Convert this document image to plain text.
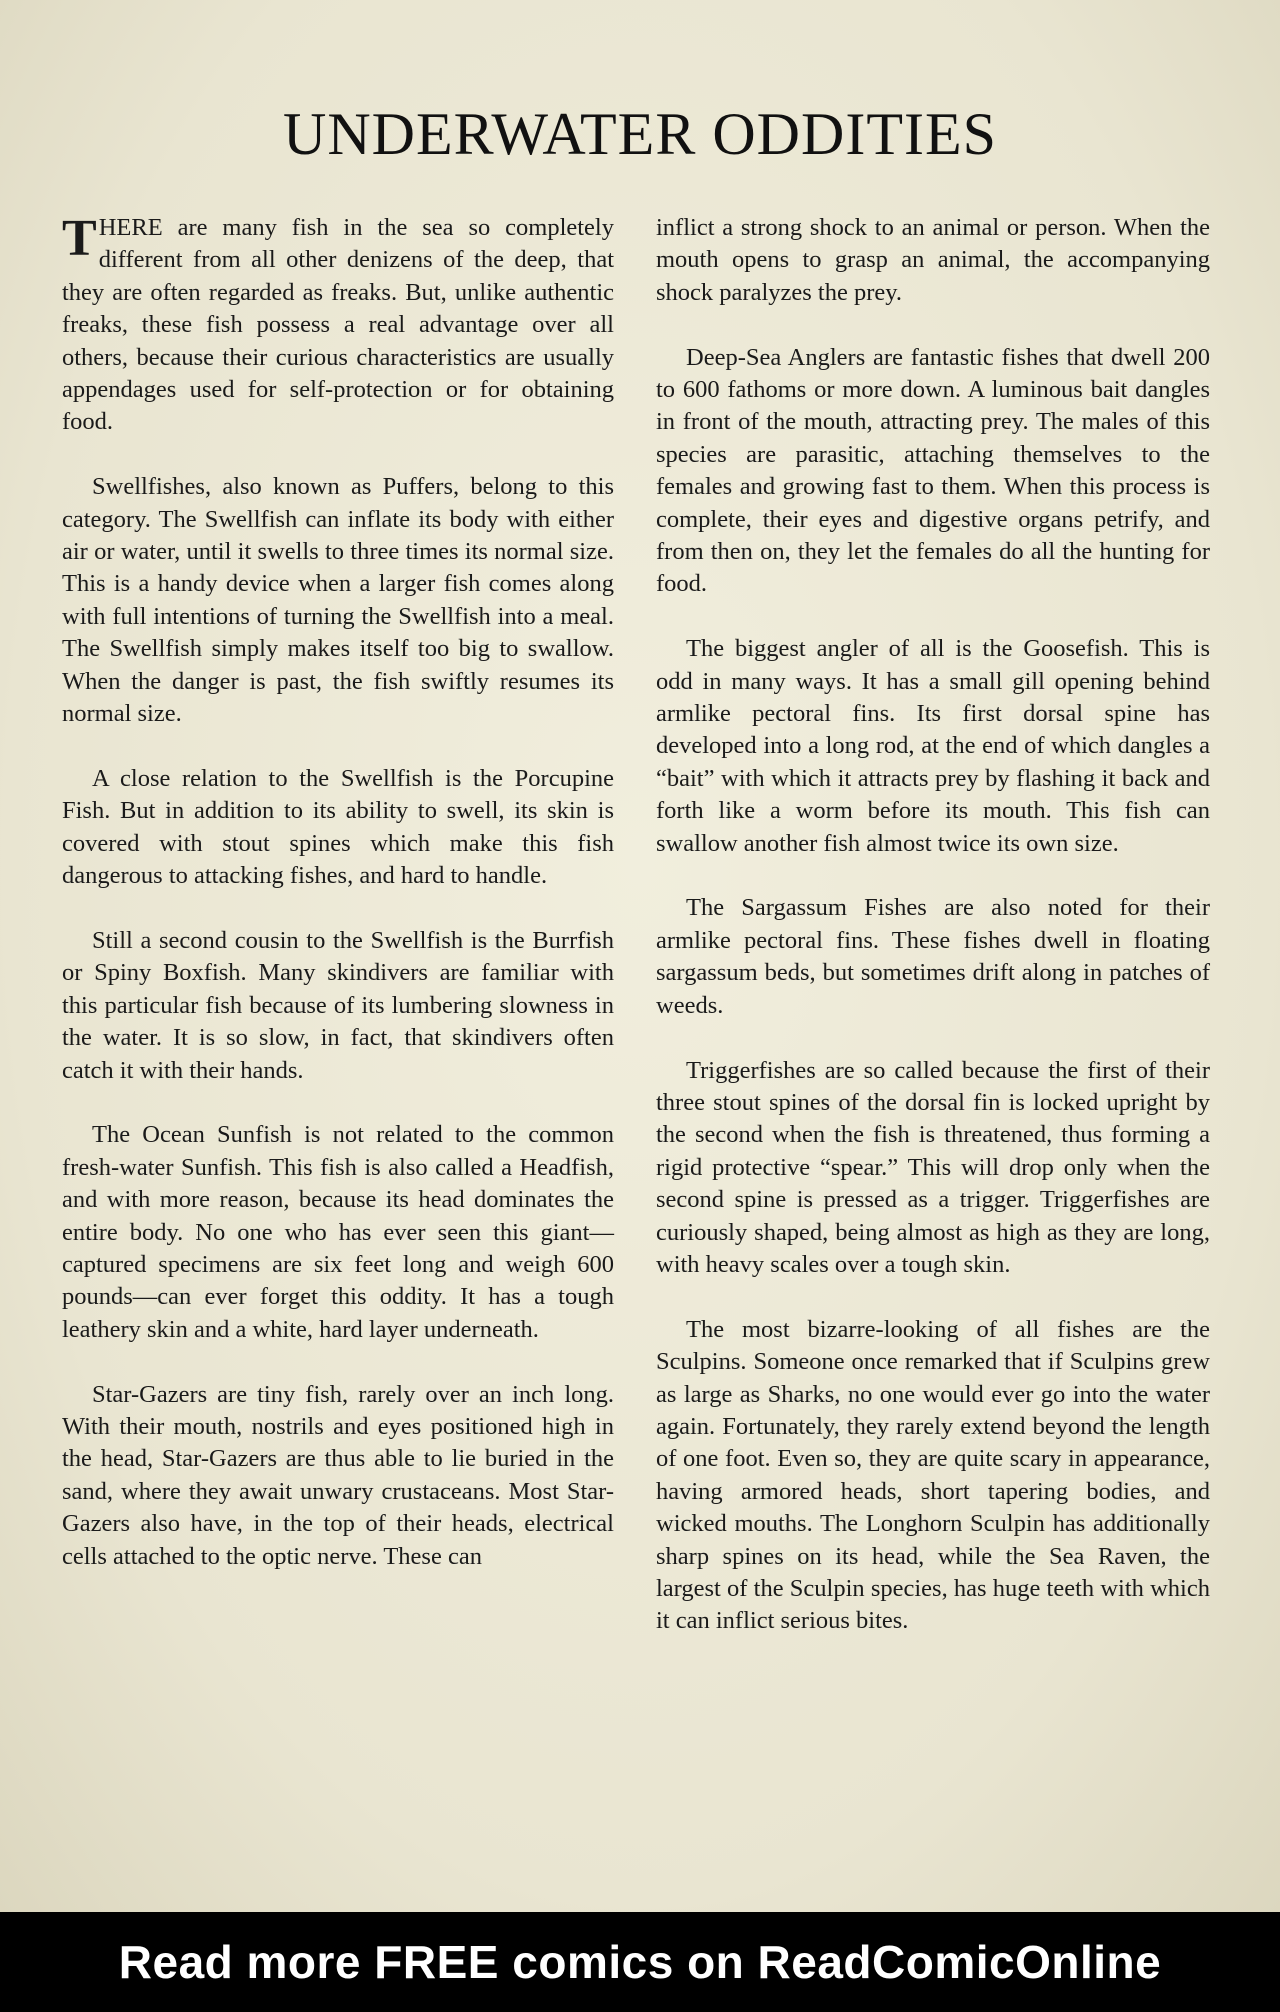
UNDERWATER ODDITIES

THERE are many fish in the sea so completely different from all other denizens of the deep, that they are often regarded as freaks. But, unlike authentic freaks, these fish possess a real advantage over all others, because their curious characteristics are usually appendages used for self-protection or for obtaining food.

Swellfishes, also known as Puffers, belong to this category. The Swellfish can inflate its body with either air or water, until it swells to three times its normal size. This is a handy device when a larger fish comes along with full intentions of turning the Swellfish into a meal. The Swellfish simply makes itself too big to swallow. When the danger is past, the fish swiftly resumes its normal size.

A close relation to the Swellfish is the Porcupine Fish. But in addition to its ability to swell, its skin is covered with stout spines which make this fish dangerous to attacking fishes, and hard to handle.

Still a second cousin to the Swellfish is the Burrfish or Spiny Boxfish. Many skindivers are familiar with this particular fish because of its lumbering slowness in the water. It is so slow, in fact, that skindivers often catch it with their hands.

The Ocean Sunfish is not related to the common fresh-water Sunfish. This fish is also called a Headfish, and with more reason, because its head dominates the entire body. No one who has ever seen this giant—captured specimens are six feet long and weigh 600 pounds—can ever forget this oddity. It has a tough leathery skin and a white, hard layer underneath.

Star-Gazers are tiny fish, rarely over an inch long. With their mouth, nostrils and eyes positioned high in the head, Star-Gazers are thus able to lie buried in the sand, where they await unwary crustaceans. Most Star-Gazers also have, in the top of their heads, electrical cells attached to the optic nerve. These can

inflict a strong shock to an animal or person. When the mouth opens to grasp an animal, the accompanying shock paralyzes the prey.

Deep-Sea Anglers are fantastic fishes that dwell 200 to 600 fathoms or more down. A luminous bait dangles in front of the mouth, attracting prey. The males of this species are parasitic, attaching themselves to the females and growing fast to them. When this process is complete, their eyes and digestive organs petrify, and from then on, they let the females do all the hunting for food.

The biggest angler of all is the Goosefish. This is odd in many ways. It has a small gill opening behind armlike pectoral fins. Its first dorsal spine has developed into a long rod, at the end of which dangles a “bait” with which it attracts prey by flashing it back and forth like a worm before its mouth. This fish can swallow another fish almost twice its own size.

The Sargassum Fishes are also noted for their armlike pectoral fins. These fishes dwell in floating sargassum beds, but sometimes drift along in patches of weeds.

Triggerfishes are so called because the first of their three stout spines of the dorsal fin is locked upright by the second when the fish is threatened, thus forming a rigid protective “spear.” This will drop only when the second spine is pressed as a trigger. Triggerfishes are curiously shaped, being almost as high as they are long, with heavy scales over a tough skin.

The most bizarre-looking of all fishes are the Sculpins. Someone once remarked that if Sculpins grew as large as Sharks, no one would ever go into the water again. Fortunately, they rarely extend beyond the length of one foot. Even so, they are quite scary in appearance, having armored heads, short tapering bodies, and wicked mouths. The Longhorn Sculpin has additionally sharp spines on its head, while the Sea Raven, the largest of the Sculpin species, has huge teeth with which it can inflict serious bites.

Read more FREE comics on ReadComicOnline
